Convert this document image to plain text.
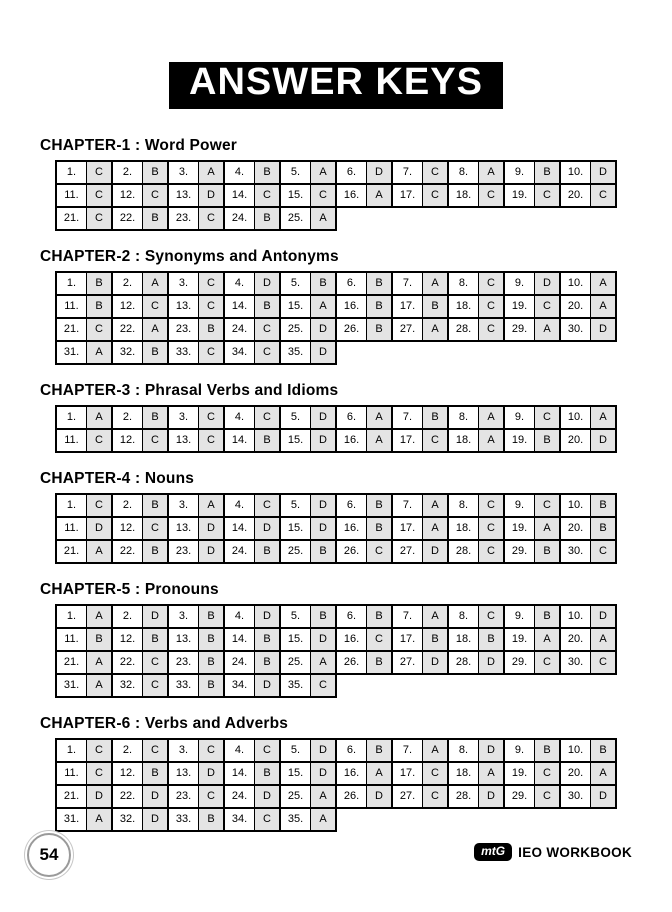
ANSWER KEYS
CHAPTER-1 : Word Power
1.	C	2.	B	3.	A	4.	B	5.	A	6.	D	7.	C	8.	A	9.	B	10.	D
11.	C	12.	C	13.	D	14.	C	15.	C	16.	A	17.	C	18.	C	19.	C	20.	C
21.	C	22.	B	23.	C	24.	B	25.	A
CHAPTER-2 : Synonyms and Antonyms
1.	B	2.	A	3.	C	4.	D	5.	B	6.	B	7.	A	8.	C	9.	D	10.	A
11.	B	12.	C	13.	C	14.	B	15.	A	16.	B	17.	B	18.	C	19.	C	20.	A
21.	C	22.	A	23.	B	24.	C	25.	D	26.	B	27.	A	28.	C	29.	A	30.	D
31.	A	32.	B	33.	C	34.	C	35.	D
CHAPTER-3 : Phrasal Verbs and Idioms
1.	A	2.	B	3.	C	4.	C	5.	D	6.	A	7.	B	8.	A	9.	C	10.	A
11.	C	12.	C	13.	C	14.	B	15.	D	16.	A	17.	C	18.	A	19.	B	20.	D
CHAPTER-4 : Nouns
1.	C	2.	B	3.	A	4.	C	5.	D	6.	B	7.	A	8.	C	9.	C	10.	B
11.	D	12.	C	13.	D	14.	D	15.	D	16.	B	17.	A	18.	C	19.	A	20.	B
21.	A	22.	B	23.	D	24.	B	25.	B	26.	C	27.	D	28.	C	29.	B	30.	C
CHAPTER-5 : Pronouns
1.	A	2.	D	3.	B	4.	D	5.	B	6.	B	7.	A	8.	C	9.	B	10.	D
11.	B	12.	B	13.	B	14.	B	15.	D	16.	C	17.	B	18.	B	19.	A	20.	A
21.	A	22.	C	23.	B	24.	B	25.	A	26.	B	27.	D	28.	D	29.	C	30.	C
31.	A	32.	C	33.	B	34.	D	35.	C
CHAPTER-6 : Verbs and Adverbs
1.	C	2.	C	3.	C	4.	C	5.	D	6.	B	7.	A	8.	D	9.	B	10.	B
11.	C	12.	B	13.	D	14.	B	15.	D	16.	A	17.	C	18.	A	19.	C	20.	A
21.	D	22.	D	23.	C	24.	D	25.	A	26.	D	27.	C	28.	D	29.	C	30.	D
31.	A	32.	D	33.	B	34.	C	35.	A
54	mtG IEO WORKBOOK
